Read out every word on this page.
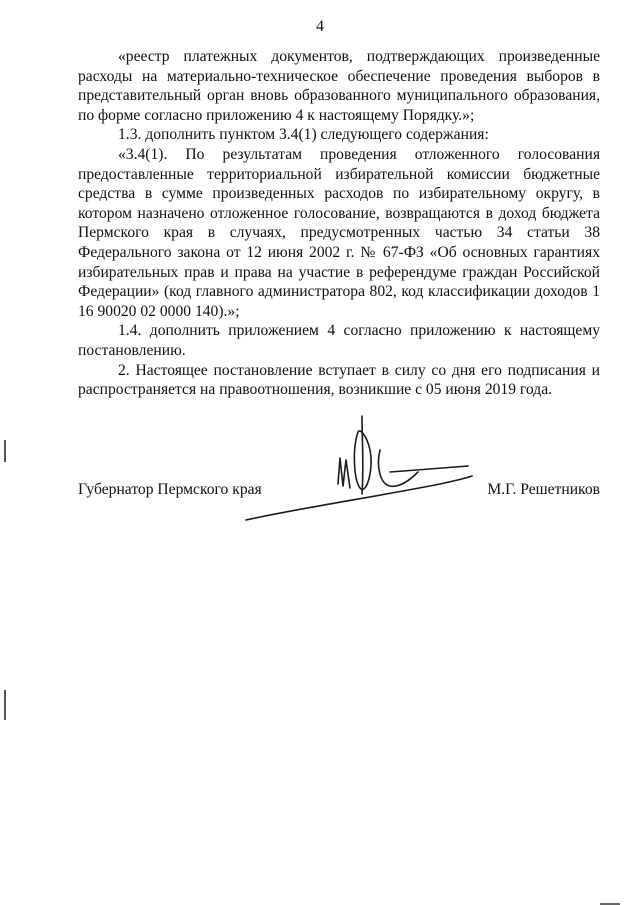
4

«реестр платежных документов, подтверждающих произведенные расходы на материально-техническое обеспечение проведения выборов в представительный орган вновь образованного муниципального образования, по форме согласно приложению 4 к настоящему Порядку.»;

1.3. дополнить пунктом 3.4(1) следующего содержания:

«3.4(1). По результатам проведения отложенного голосования предоставленные территориальной избирательной комиссии бюджетные средства в сумме произведенных расходов по избирательному округу, в котором назначено отложенное голосование, возвращаются в доход бюджета Пермского края в случаях, предусмотренных частью 34 статьи 38 Федерального закона от 12 июня 2002 г. № 67-ФЗ «Об основных гарантиях избирательных прав и права на участие в референдуме граждан Российской Федерации» (код главного администратора 802, код классификации доходов 1 16 90020 02 0000 140).»;

1.4. дополнить приложением 4 согласно приложению к настоящему постановлению.

2. Настоящее постановление вступает в силу со дня его подписания и распространяется на правоотношения, возникшие с 05 июня 2019 года.

Губернатор Пермского края	М.Г. Решетников
